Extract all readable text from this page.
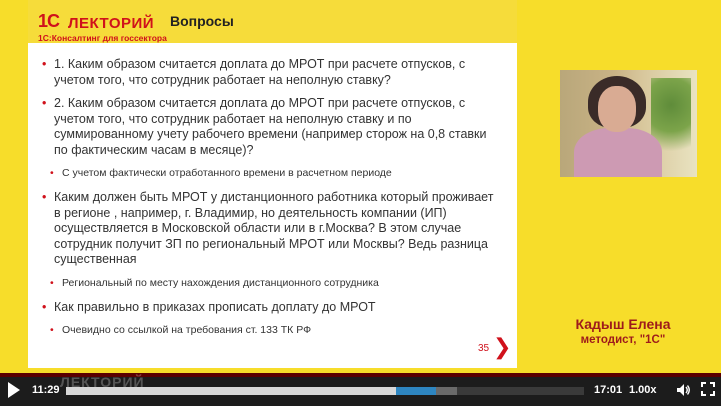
1С ЛЕКТОРИЙ
1С:Консалтинг для госсектора
Вопросы
• 1. Каким образом считается доплата до МРОТ при расчете отпусков, с учетом того, что сотрудник работает на неполную ставку?
• 2. Каким образом считается доплата до МРОТ при расчете отпусков, с учетом того, что сотрудник работает на неполную ставку и по суммированному учету рабочего времени (например сторож на 0,8 ставки по фактическим часам в месяце)?
• С учетом фактически отработанного времени в расчетном периоде
• Каким должен быть МРОТ у дистанционного работника который проживает в регионе , например, г. Владимир, но деятельность компании (ИП) осуществляется в Московской области или в г.Москва? В этом случае сотрудник получит ЗП по региональный МРОТ или Москвы? Ведь разница существенная
• Региональный по месту нахождения дистанционного сотрудника
• Как правильно в приказах прописать доплату до МРОТ
• Очевидно со ссылкой на требования ст. 133 ТК РФ
35 ❯
Кадыш Елена
методист, "1С"
11:29 ЛЕКТОРИЙ	17:01 1.00x
